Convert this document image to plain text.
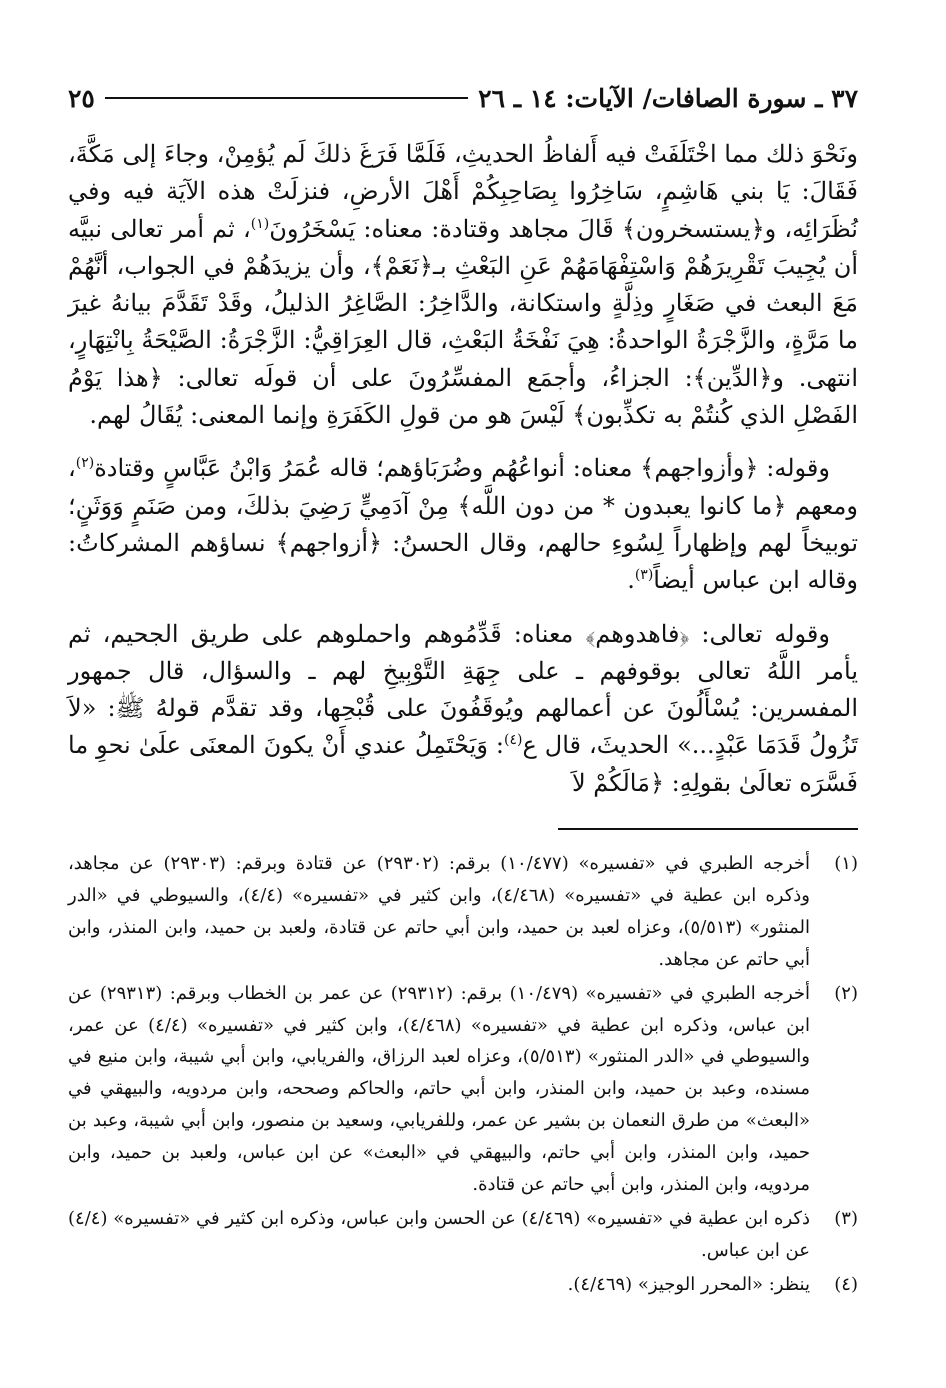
٣٧ ـ سورة الصافات/ الآيات: ١٤ ـ ٢٦
٢٥

ونَحْوَ ذلك مما اخْتَلَفَتْ فيه أَلفاظُ الحديثِ، فَلَمَّا فَرَغَ ذلكَ لَم يُؤمِنْ، وجاءَ إلى مَكَّةَ، فَقَالَ: يَا بني هَاشِمٍ، سَاخِرُوا بِصَاحِبِكُمْ أَهْلَ الأرضِ، فنزلَتْ هذه الآيَة فيه وفي نُظَرَائِه، و﴿يستسخرون﴾ قَالَ مجاهد وقتادة: معناه: يَسْخَرُونَ$^{(١)}$، ثم أمر تعالى نبيَّه أن يُجِيبَ تَقْرِيرَهُمْ وَاسْتِفْهَامَهُمْ عَنِ البَعْثِ بـ﴿نَعَمْ﴾، وأن يزيدَهُمْ في الجواب، أنَّهُمْ مَعَ البعث في صَغَارٍ وذِلَّةٍ واستكانة، والدَّاخِرُ: الصَّاغِرُ الذليلُ، وقَدْ تَقَدَّمَ بيانهُ غيرَ ما مَرَّةٍ، والزَّجْرَةُ الواحدةُ: هِيَ نَفْخَةُ البَعْثِ، قال العِرَاقِيُّ: الزَّجْرَةُ: الصَّيْحَةُ بِانْتِهَارٍ، انتهى. و﴿الدِّين﴾: الجزاءُ، وأجمَع المفسِّرُونَ على أن قولَه تعالى: ﴿هذا يَوْمُ الفَصْلِ الذي كُنتُمْ به تكذِّبون﴾ لَيْسَ هو من قولِ الكَفَرَةِ وإنما المعنى: يُقَالُ لهم.

وقوله: ﴿وأزواجهم﴾ معناه: أنواعُهُم وضُرَبَاؤهم؛ قاله عُمَرُ وَابْنُ عَبَّاسٍ وقتادة$^{(٢)}$، ومعهم ﴿ما كانوا يعبدون * من دون اللَّه﴾ مِنْ آدَمِيٍّ رَضِيَ بذلكَ، ومن صَنَمٍ وَوَثَنٍ؛ توبيخاً لهم وإظهاراً لِسُوءِ حالهم، وقال الحسنُ: ﴿أزواجهم﴾ نساؤهم المشركاتُ: وقاله ابن عباس أيضاً$^{(٣)}$.

وقوله تعالى: ﴿فاهدوهم﴾ معناه: قَدِّمُوهم واحملوهم على طريق الجحيم، ثم يأمر اللَّهُ تعالى بوقوفهم ـ على جِهَةِ التَّوْبِيخِ لهم ـ والسؤال، قال جمهور المفسرين: يُسْأَلُونَ عن أعمالهم ويُوقَفُونَ على قُبْحِها، وقد تقدَّم قولهُ ﷺ: «لاَ تَزُولُ قَدَمَا عَبْدٍ...» الحديثَ، قال ع$^{(٤)}$: وَيَحْتَمِلُ عندي أَنْ يكونَ المعنَى علَىٰ نحوِ ما فَسَّرَه تعالَىٰ بقولِهِ: ﴿مَالَكُمْ لاَ

(١)
أخرجه الطبري في «تفسيره» (١٠/٤٧٧) برقم: (٢٩٣٠٢) عن قتادة وبرقم: (٢٩٣٠٣) عن مجاهد، وذكره ابن عطية في «تفسيره» (٤/٤٦٨)، وابن كثير في «تفسيره» (٤/٤)، والسيوطي في «الدر المنثور» (٥/٥١٣)، وعزاه لعبد بن حميد، وابن أبي حاتم عن قتادة، ولعبد بن حميد، وابن المنذر، وابن أبي حاتم عن مجاهد.
(٢)
أخرجه الطبري في «تفسيره» (١٠/٤٧٩) برقم: (٢٩٣١٢) عن عمر بن الخطاب وبرقم: (٢٩٣١٣) عن ابن عباس، وذكره ابن عطية في «تفسيره» (٤/٤٦٨)، وابن كثير في «تفسيره» (٤/٤) عن عمر، والسيوطي في «الدر المنثور» (٥/٥١٣)، وعزاه لعبد الرزاق، والفريابي، وابن أبي شيبة، وابن منيع في مسنده، وعبد بن حميد، وابن المنذر، وابن أبي حاتم، والحاكم وصححه، وابن مردويه، والبيهقي في «البعث» من طرق النعمان بن بشير عن عمر، وللفريابي، وسعيد بن منصور، وابن أبي شيبة، وعبد بن حميد، وابن المنذر، وابن أبي حاتم، والبيهقي في «البعث» عن ابن عباس، ولعبد بن حميد، وابن مردويه، وابن المنذر، وابن أبي حاتم عن قتادة.
(٣)
ذكره ابن عطية في «تفسيره» (٤/٤٦٩) عن الحسن وابن عباس، وذكره ابن كثير في «تفسيره» (٤/٤) عن ابن عباس.
(٤)
ينظر: «المحرر الوجيز» (٤/٤٦٩).
